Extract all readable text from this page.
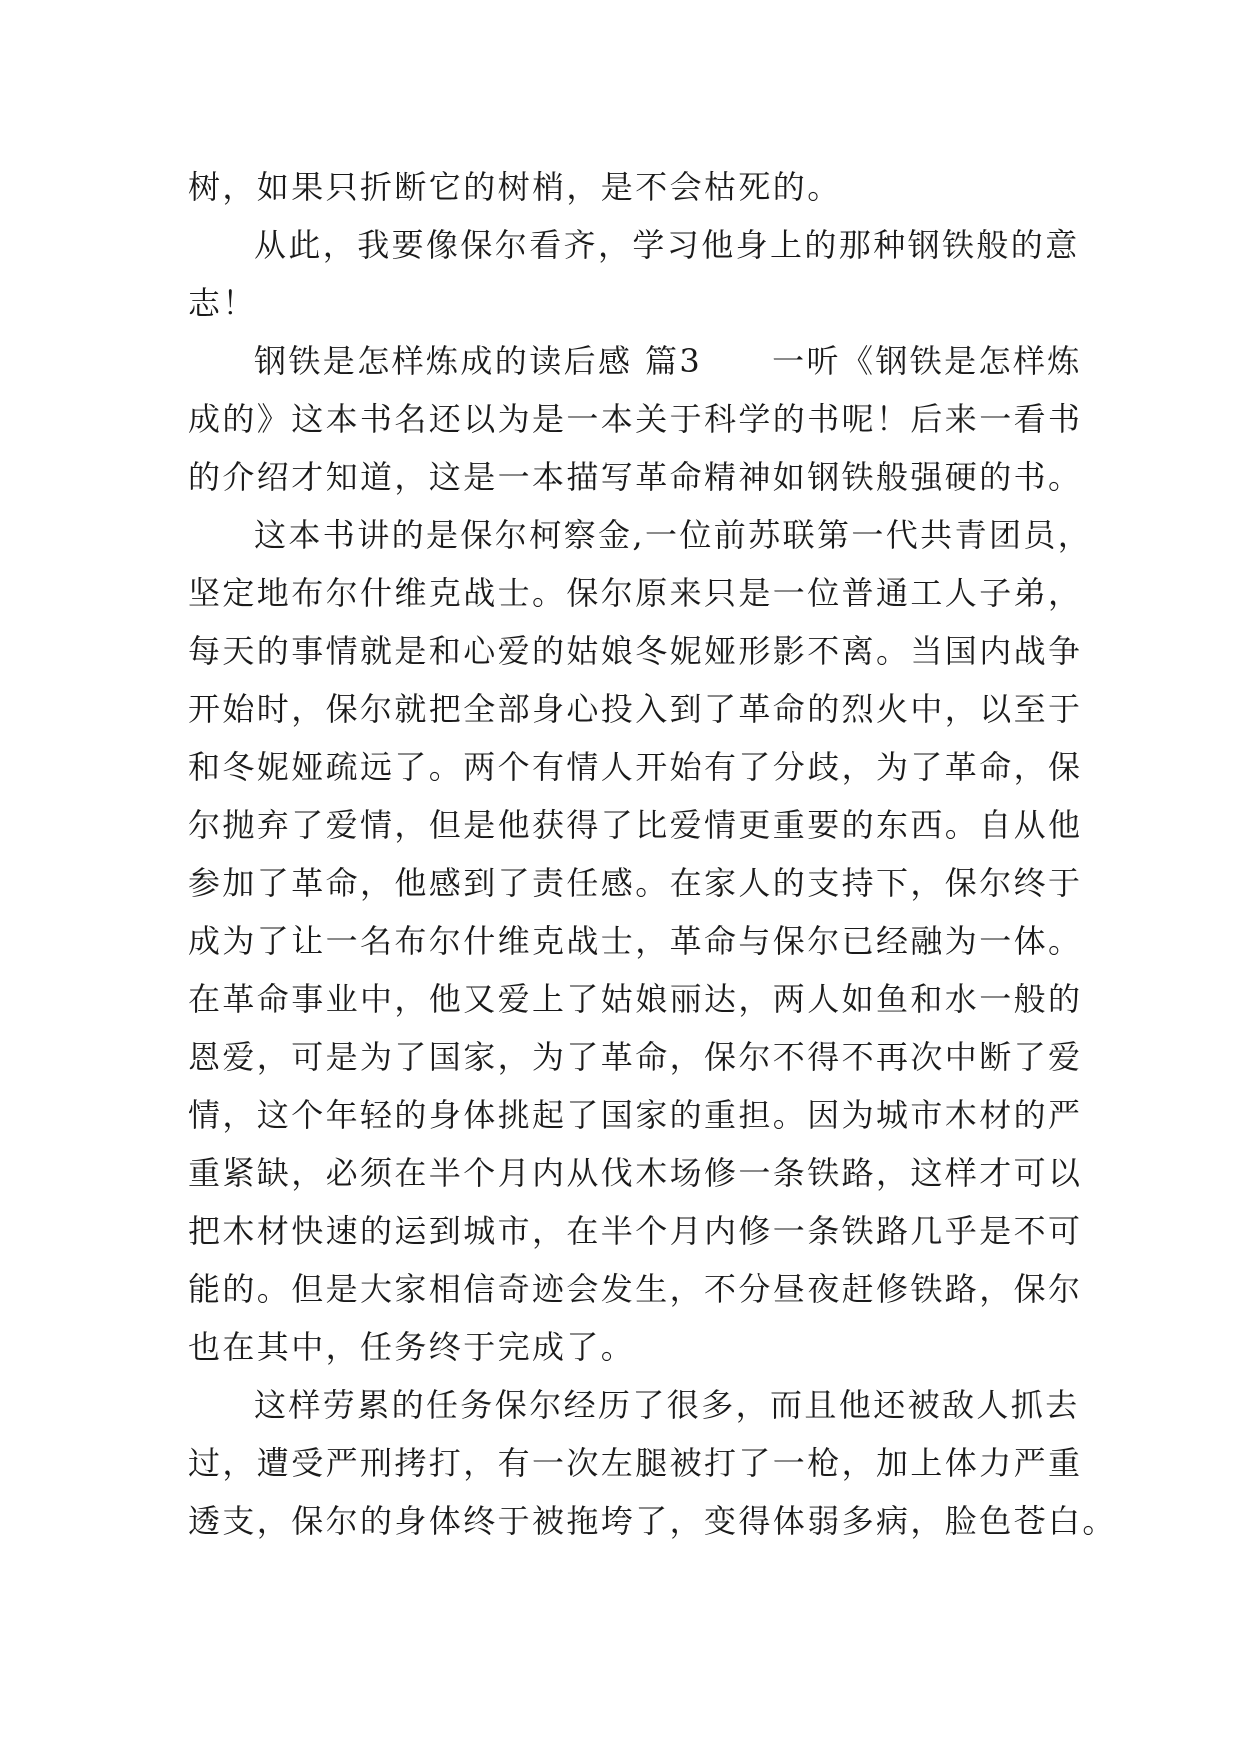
树，如果只折断它的树梢，是不会枯死的。
从此，我要像保尔看齐，学习他身上的那种钢铁般的意
志！
钢铁是怎样炼成的读后感 篇3 一听《钢铁是怎样炼
成的》这本书名还以为是一本关于科学的书呢！后来一看书
的介绍才知道，这是一本描写革命精神如钢铁般强硬的书。
这本书讲的是保尔柯察金,一位前苏联第一代共青团员，
坚定地布尔什维克战士。保尔原来只是一位普通工人子弟，
每天的事情就是和心爱的姑娘冬妮娅形影不离。当国内战争
开始时，保尔就把全部身心投入到了革命的烈火中，以至于
和冬妮娅疏远了。两个有情人开始有了分歧，为了革命，保
尔抛弃了爱情，但是他获得了比爱情更重要的东西。自从他
参加了革命，他感到了责任感。在家人的支持下，保尔终于
成为了让一名布尔什维克战士，革命与保尔已经融为一体。
在革命事业中，他又爱上了姑娘丽达，两人如鱼和水一般的
恩爱，可是为了国家，为了革命，保尔不得不再次中断了爱
情，这个年轻的身体挑起了国家的重担。因为城市木材的严
重紧缺，必须在半个月内从伐木场修一条铁路，这样才可以
把木材快速的运到城市，在半个月内修一条铁路几乎是不可
能的。但是大家相信奇迹会发生，不分昼夜赶修铁路，保尔
也在其中，任务终于完成了。
这样劳累的任务保尔经历了很多，而且他还被敌人抓去
过，遭受严刑拷打，有一次左腿被打了一枪，加上体力严重
透支，保尔的身体终于被拖垮了，变得体弱多病，脸色苍白。
